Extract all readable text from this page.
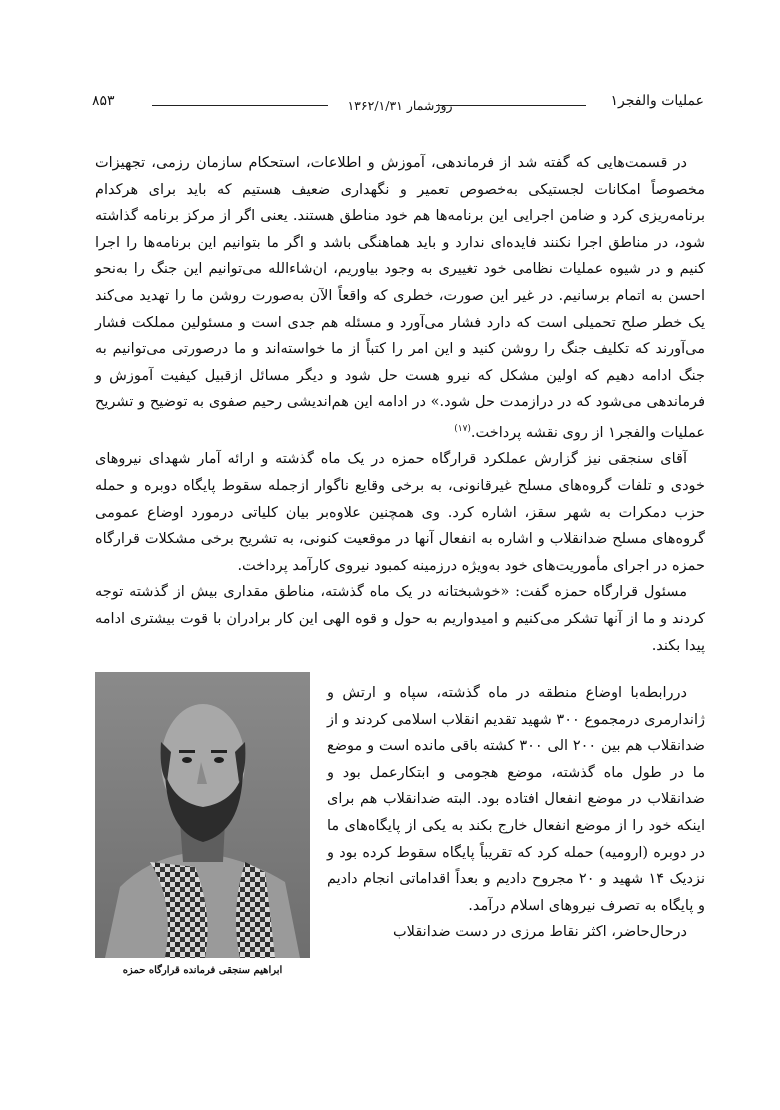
عملیات والفجر۱
روزشمار ۱۳۶۲/۱/۳۱
۸۵۳

در قسمت‌هایی که گفته شد از فرماندهی، آموزش و اطلاعات، استحکام سازمان رزمی، تجهیزات مخصوصاً امکانات لجستیکی به‌خصوص تعمیر و نگهداری ضعیف هستیم که باید برای هرکدام برنامه‌ریزی کرد و ضامن اجرایی این برنامه‌ها هم خود مناطق هستند. یعنی اگر از مرکز برنامه گذاشته شود، در مناطق اجرا نکنند فایده‌ای ندارد و باید هماهنگی باشد و اگر ما بتوانیم این برنامه‌ها را اجرا کنیم و در شیوه عملیات نظامی خود تغییری به وجود بیاوریم، ان‌شاءالله می‌توانیم این جنگ را به‌نحو احسن به اتمام برسانیم. در غیر این صورت، خطری که واقعاً الآن به‌صورت روشن ما را تهدید می‌کند یک خطر صلح تحمیلی است که دارد فشار می‌آورد و مسئله هم جدی است و مسئولین مملکت فشار می‌آورند که تکلیف جنگ را روشن کنید و این امر را کتباً از ما خواسته‌اند و ما درصورتی می‌توانیم به جنگ ادامه دهیم که اولین مشکل که نیرو هست حل شود و دیگر مسائل ازقبیل کیفیت آموزش و فرماندهی می‌شود که در درازمدت حل شود.» در ادامه این هم‌اندیشی رحیم صفوی به توضیح و تشریح عملیات والفجر۱ از روی نقشه پرداخت.$^{(۱۷)}$

آقای سنجقی نیز گزارش عملکرد قرارگاه حمزه در یک ماه گذشته و ارائه آمار شهدای نیروهای خودی و تلفات گروه‌های مسلح غیرقانونی، به برخی وقایع ناگوار ازجمله سقوط پایگاه دوبره و حمله حزب دمکرات به شهر سقز، اشاره کرد. وی همچنین علاوه‌بر بیان کلیاتی درمورد اوضاع عمومی گروه‌های مسلح ضدانقلاب و اشاره به انفعال آنها در موقعیت کنونی، به تشریح برخی مشکلات قرارگاه حمزه در اجرای مأموریت‌های خود به‌ویژه درزمینه کمبود نیروی کارآمد پرداخت.

مسئول قرارگاه حمزه گفت: «خوشبختانه در یک ماه گذشته، مناطق مقداری بیش از گذشته توجه کردند و ما از آنها تشکر می‌کنیم و امیدواریم به حول و قوه الهی این کار برادران با قوت بیشتری ادامه پیدا بکند.

دررابطه‌با اوضاع منطقه در ماه گذشته، سپاه و ارتش و ژاندارمری درمجموع ۳۰۰ شهید تقدیم انقلاب اسلامی کردند و از ضدانقلاب هم بین ۲۰۰ الی ۳۰۰ کشته باقی مانده است و موضع ما در طول ماه گذشته، موضع هجومی و ابتکارعمل بود و ضدانقلاب در موضع انفعال افتاده بود. البته ضدانقلاب هم برای اینکه خود را از موضع انفعال خارج بکند به یکی از پایگاه‌های ما در دوبره (ارومیه) حمله کرد که تقریباً پایگاه سقوط کرده بود و نزدیک ۱۴ شهید و ۲۰ مجروح دادیم و بعداً اقداماتی انجام دادیم و پایگاه به تصرف نیروهای اسلام درآمد.

درحال‌حاضر، اکثر نقاط مرزی در دست ضدانقلاب

ابراهیم سنجقی فرمانده قرارگاه حمزه
